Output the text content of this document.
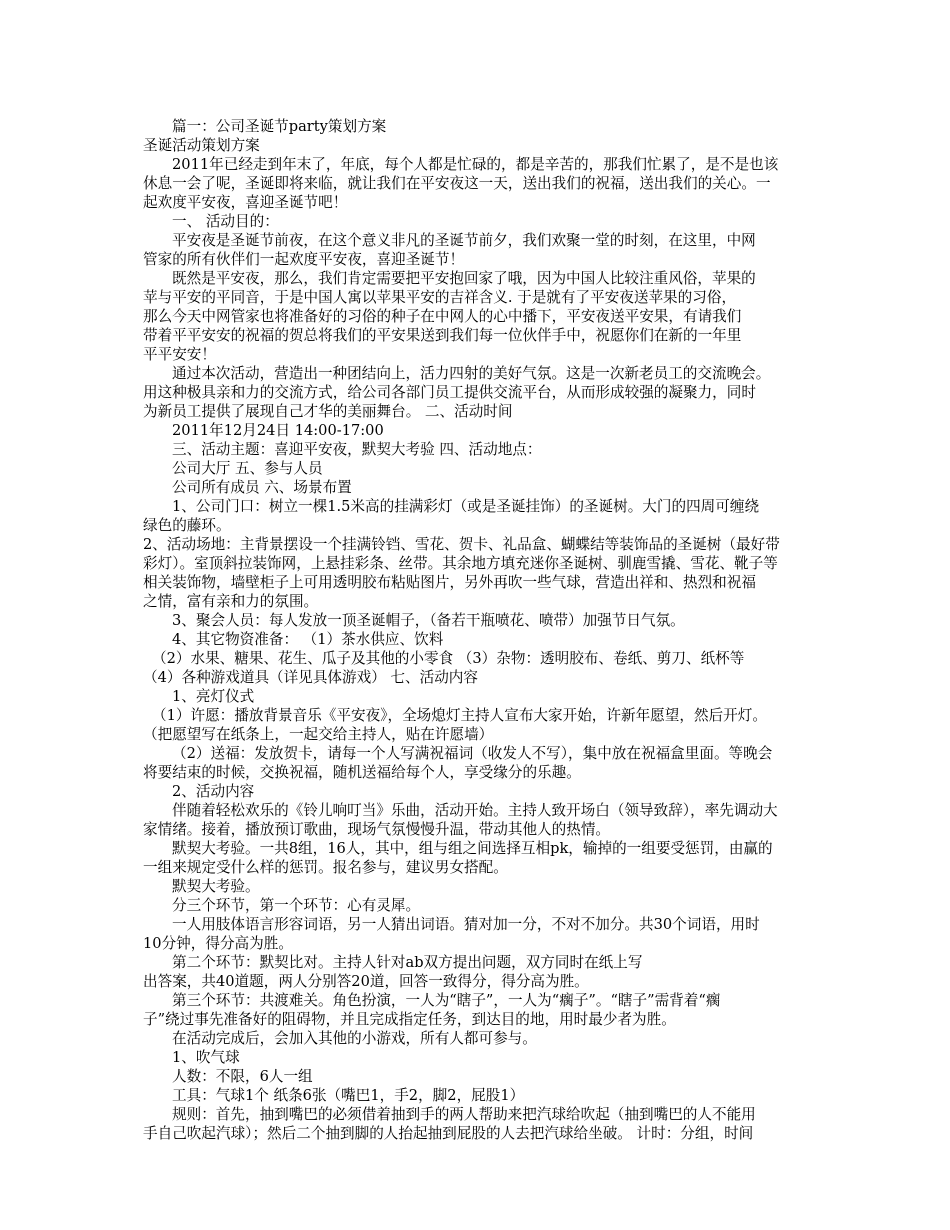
篇一：公司圣诞节party策划方案
圣诞活动策划方案
2011年已经走到年末了，年底，每个人都是忙碌的，都是辛苦的，那我们忙累了，是不是也该
休息一会了呢，圣诞即将来临，就让我们在平安夜这一天，送出我们的祝福，送出我们的关心。一
起欢度平安夜，喜迎圣诞节吧！
一、 活动目的：
平安夜是圣诞节前夜，在这个意义非凡的圣诞节前夕，我们欢聚一堂的时刻，在这里，中网
管家的所有伙伴们一起欢度平安夜，喜迎圣诞节！
既然是平安夜，那么，我们肯定需要把平安抱回家了哦，因为中国人比较注重风俗，苹果的
苹与平安的平同音，于是中国人寓以苹果平安的吉祥含义. 于是就有了平安夜送苹果的习俗，
那么今天中网管家也将准备好的习俗的种子在中网人的心中播下，平安夜送平安果，有请我们
带着平平安安的祝福的贺总将我们的平安果送到我们每一位伙伴手中，祝愿你们在新的一年里
平平安安！
通过本次活动，营造出一种团结向上，活力四射的美好气氛。这是一次新老员工的交流晚会。
用这种极具亲和力的交流方式，给公司各部门员工提供交流平台，从而形成较强的凝聚力，同时
为新员工提供了展现自己才华的美丽舞台。 二、活动时间
2011年12月24日 14:00-17:00
三、活动主题：喜迎平安夜，默契大考验 四、活动地点：
公司大厅 五、参与人员
公司所有成员 六、场景布置
1、公司门口：树立一棵1.5米高的挂满彩灯（或是圣诞挂饰）的圣诞树。大门的四周可缠绕
绿色的藤环。
2、活动场地：主背景摆设一个挂满铃铛、雪花、贺卡、礼品盒、蝴蝶结等装饰品的圣诞树（最好带
彩灯）。室顶斜拉装饰网，上悬挂彩条、丝带。其余地方填充迷你圣诞树、驯鹿雪撬、雪花、靴子等
相关装饰物，墙壁柜子上可用透明胶布粘贴图片，另外再吹一些气球，营造出祥和、热烈和祝福
之情，富有亲和力的氛围。
3、聚会人员：每人发放一顶圣诞帽子，（备若干瓶喷花、喷带）加强节日气氛。
4、其它物资准备： （1）茶水供应、饮料
（2）水果、糖果、花生、瓜子及其他的小零食 （3）杂物：透明胶布、卷纸、剪刀、纸杯等
（4）各种游戏道具（详见具体游戏） 七、活动内容
1、亮灯仪式
（1）许愿：播放背景音乐《平安夜》，全场熄灯主持人宣布大家开始，许新年愿望，然后开灯。
（把愿望写在纸条上，一起交给主持人，贴在许愿墙）
（2）送福：发放贺卡，请每一个人写满祝福词（收发人不写），集中放在祝福盒里面。等晚会
将要结束的时候，交换祝福，随机送福给每个人，享受缘分的乐趣。
2、活动内容
伴随着轻松欢乐的《铃儿响叮当》乐曲，活动开始。主持人致开场白（领导致辞），率先调动大
家情绪。接着，播放预订歌曲，现场气氛慢慢升温，带动其他人的热情。
默契大考验。一共8组，16人，其中，组与组之间选择互相pk，输掉的一组要受惩罚，由赢的
一组来规定受什么样的惩罚。报名参与，建议男女搭配。
默契大考验。
分三个环节，第一个环节：心有灵犀。
一人用肢体语言形容词语，另一人猜出词语。猜对加一分，不对不加分。共30个词语，用时
10分钟，得分高为胜。
第二个环节：默契比对。主持人针对ab双方提出问题，双方同时在纸上写
出答案，共40道题，两人分别答20道，回答一致得分，得分高为胜。
第三个环节：共渡难关。角色扮演，一人为“瞎子”，一人为“瘸子”。“瞎子”需背着“瘸
子”绕过事先准备好的阻碍物，并且完成指定任务，到达目的地，用时最少者为胜。
在活动完成后，会加入其他的小游戏，所有人都可参与。
1、吹气球
人数：不限，6人一组
工具：气球1个 纸条6张（嘴巴1，手2，脚2，屁股1）
规则：首先，抽到嘴巴的必须借着抽到手的两人帮助来把汽球给吹起（抽到嘴巴的人不能用
手自己吹起汽球）；然后二个抽到脚的人抬起抽到屁股的人去把汽球给坐破。 计时：分组，时间
